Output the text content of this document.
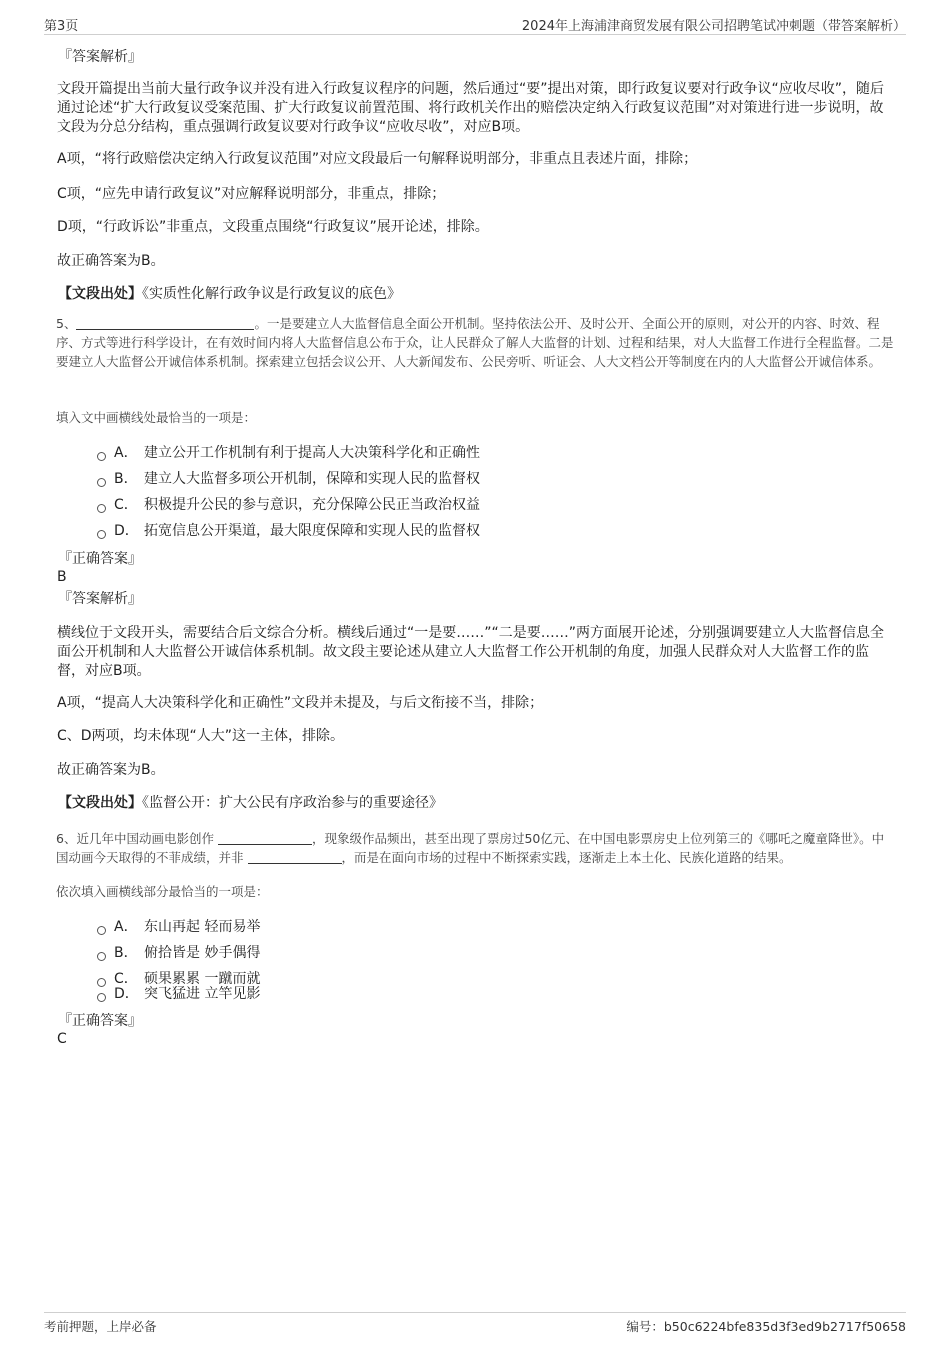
第3页	2024年上海浦津商贸发展有限公司招聘笔试冲刺题（带答案解析）

『答案解析』

文段开篇提出当前大量行政争议并没有进入行政复议程序的问题，然后通过“要”提出对策，即行政复议要对行政争议“应收尽收”，随后通过论述“扩大行政复议受案范围、扩大行政复议前置范围、将行政机关作出的赔偿决定纳入行政复议范围”对对策进行进一步说明，故文段为分总分结构，重点强调行政复议要对行政争议“应收尽收”，对应B项。

A项，“将行政赔偿决定纳入行政复议范围”对应文段最后一句解释说明部分，非重点且表述片面，排除；

C项，“应先申请行政复议”对应解释说明部分，非重点，排除；

D项，“行政诉讼”非重点，文段重点围绕“行政复议”展开论述，排除。

故正确答案为B。

【文段出处】《实质性化解行政争议是行政复议的底色》

5、	。一是要建立人大监督信息全面公开机制。坚持依法公开、及时公开、全面公开的原则，对公开的内容、时效、程序、方式等进行科学设计，在有效时间内将人大监督信息公布于众，让人民群众了解人大监督的计划、过程和结果，对人大监督工作进行全程监督。二是要建立人大监督公开诚信体系机制。探索建立包括会议公开、人大新闻发布、公民旁听、听证会、人大文档公开等制度在内的人大监督公开诚信体系。

填入文中画横线处最恰当的一项是：

A． 建立公开工作机制有利于提高人大决策科学化和正确性
B． 建立人大监督多项公开机制，保障和实现人民的监督权
C． 积极提升公民的参与意识，充分保障公民正当政治权益
D． 拓宽信息公开渠道，最大限度保障和实现人民的监督权

『正确答案』

B

『答案解析』

横线位于文段开头，需要结合后文综合分析。横线后通过“一是要……”“二是要……”两方面展开论述，分别强调要建立人大监督信息全面公开机制和人大监督公开诚信体系机制。故文段主要论述从建立人大监督工作公开机制的角度，加强人民群众对人大监督工作的监督，对应B项。

A项，“提高人大决策科学化和正确性”文段并未提及，与后文衔接不当，排除；

C、D两项，均未体现“人大”这一主体，排除。

故正确答案为B。

【文段出处】《监督公开：扩大公民有序政治参与的重要途径》

6、近几年中国动画电影创作	，现象级作品频出，甚至出现了票房过50亿元、在中国电影票房史上位列第三的《哪吒之魔童降世》。中国动画今天取得的不菲成绩，并非	，而是在面向市场的过程中不断探索实践，逐渐走上本土化、民族化道路的结果。

依次填入画横线部分最恰当的一项是：

A． 东山再起 轻而易举
B． 俯拾皆是 妙手偶得
C． 硕果累累 一蹴而就
D． 突飞猛进 立竿见影

『正确答案』

C

考前押题，上岸必备	编号：b50c6224bfe835d3f3ed9b2717f50658
